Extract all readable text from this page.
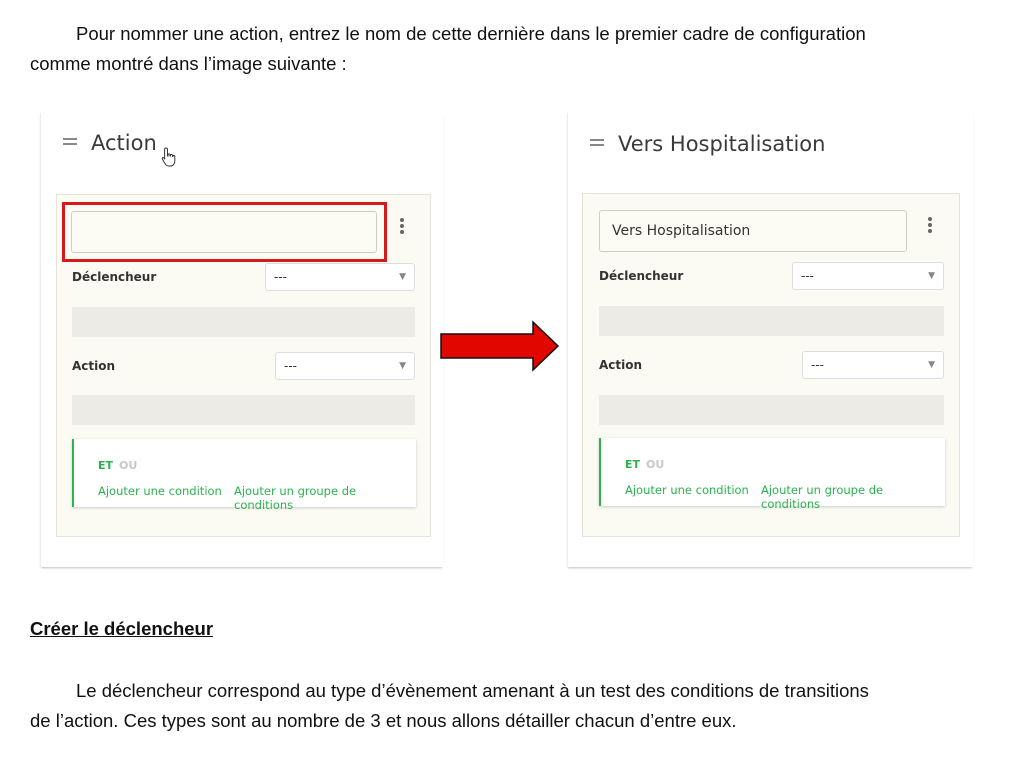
Pour nommer une action, entrez le nom de cette dernière dans le premier cadre de configuration
comme montré dans l’image suivante :
Action
Déclencheur	---	▼
Action	---	▼
ET OU
Ajouter une condition Ajouter un groupe de conditions
Vers Hospitalisation
Vers Hospitalisation
Déclencheur	---	▼
Action	---	▼
ET OU
Ajouter une condition Ajouter un groupe de conditions
Créer le déclencheur
Le déclencheur correspond au type d’évènement amenant à un test des conditions de transitions
de l’action. Ces types sont au nombre de 3 et nous allons détailler chacun d’entre eux.
